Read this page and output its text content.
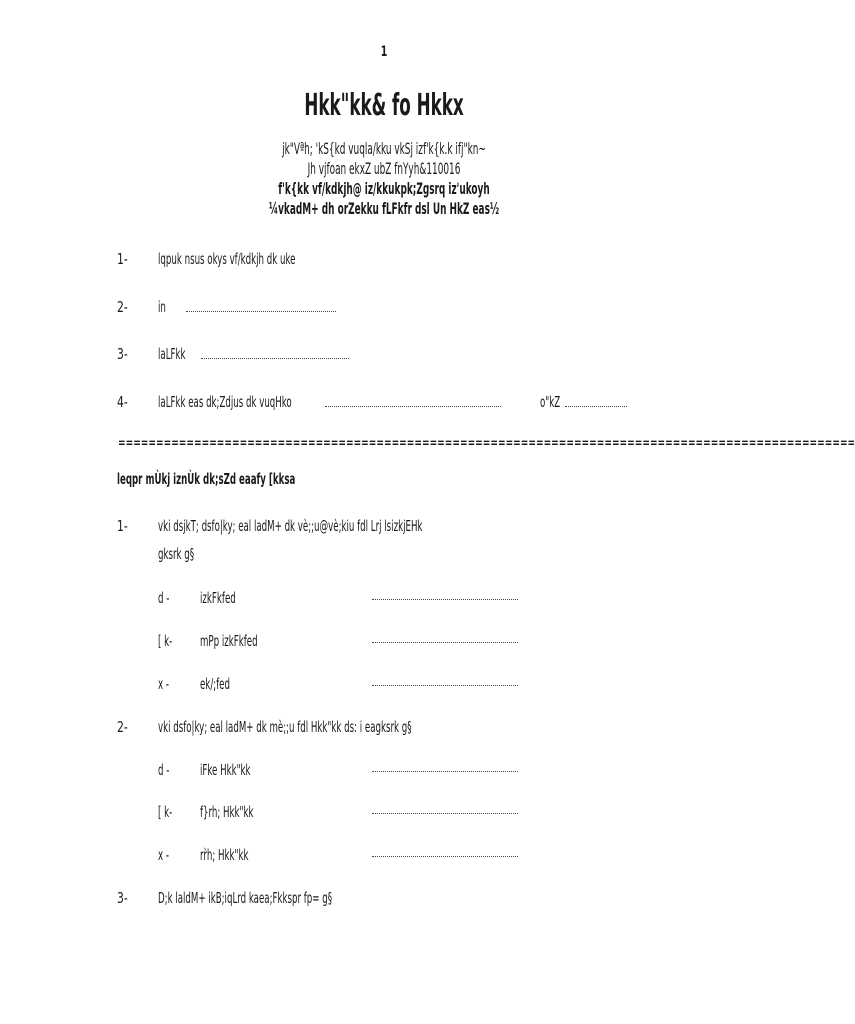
1
Hkk"kk& fo Hkkx
jk"Vªh; 'kS{kd vuqla/kku vkSj izf'k{k.k ifj"kn~
Jh vjfoan ekxZ ubZ fnYyh&110016
f'k{kk vf/kdkjh@ iz/kkukpk;Zgsrq iz'ukoyh
¼vkadM+ dh orZekku fLFkfr dsl Un HkZ eas½
1- lqpuk nsus okys vf/kdkjh dk uke
2- in
3- laLFkk
4- laLFkk eas dk;Zdjus dk vuqHko	o"kZ
=================================================================================================
leqpr mÙkj iznÙk dk;sZd eaafy [kksa
1- vki dsjkT; dsfo|ky; eal ladM+ dk vè;;u@vè;kiu fdl Lrj lsizkjEHk
gksrk g§
d - izkFkfed
[ k- mPp izkFkfed
x - ek/;fed
2- vki dsfo|ky; eal ladM+ dk mè;;u fdl Hkk"kk ds: i eagksrk g§
d - iFke Hkk"kk
[ k- f}rh; Hkk"kk
x - rr̀h; Hkk"kk
3- D;k laldM+ ikB;iqLrd kaea;Fkkspr fp= g§
